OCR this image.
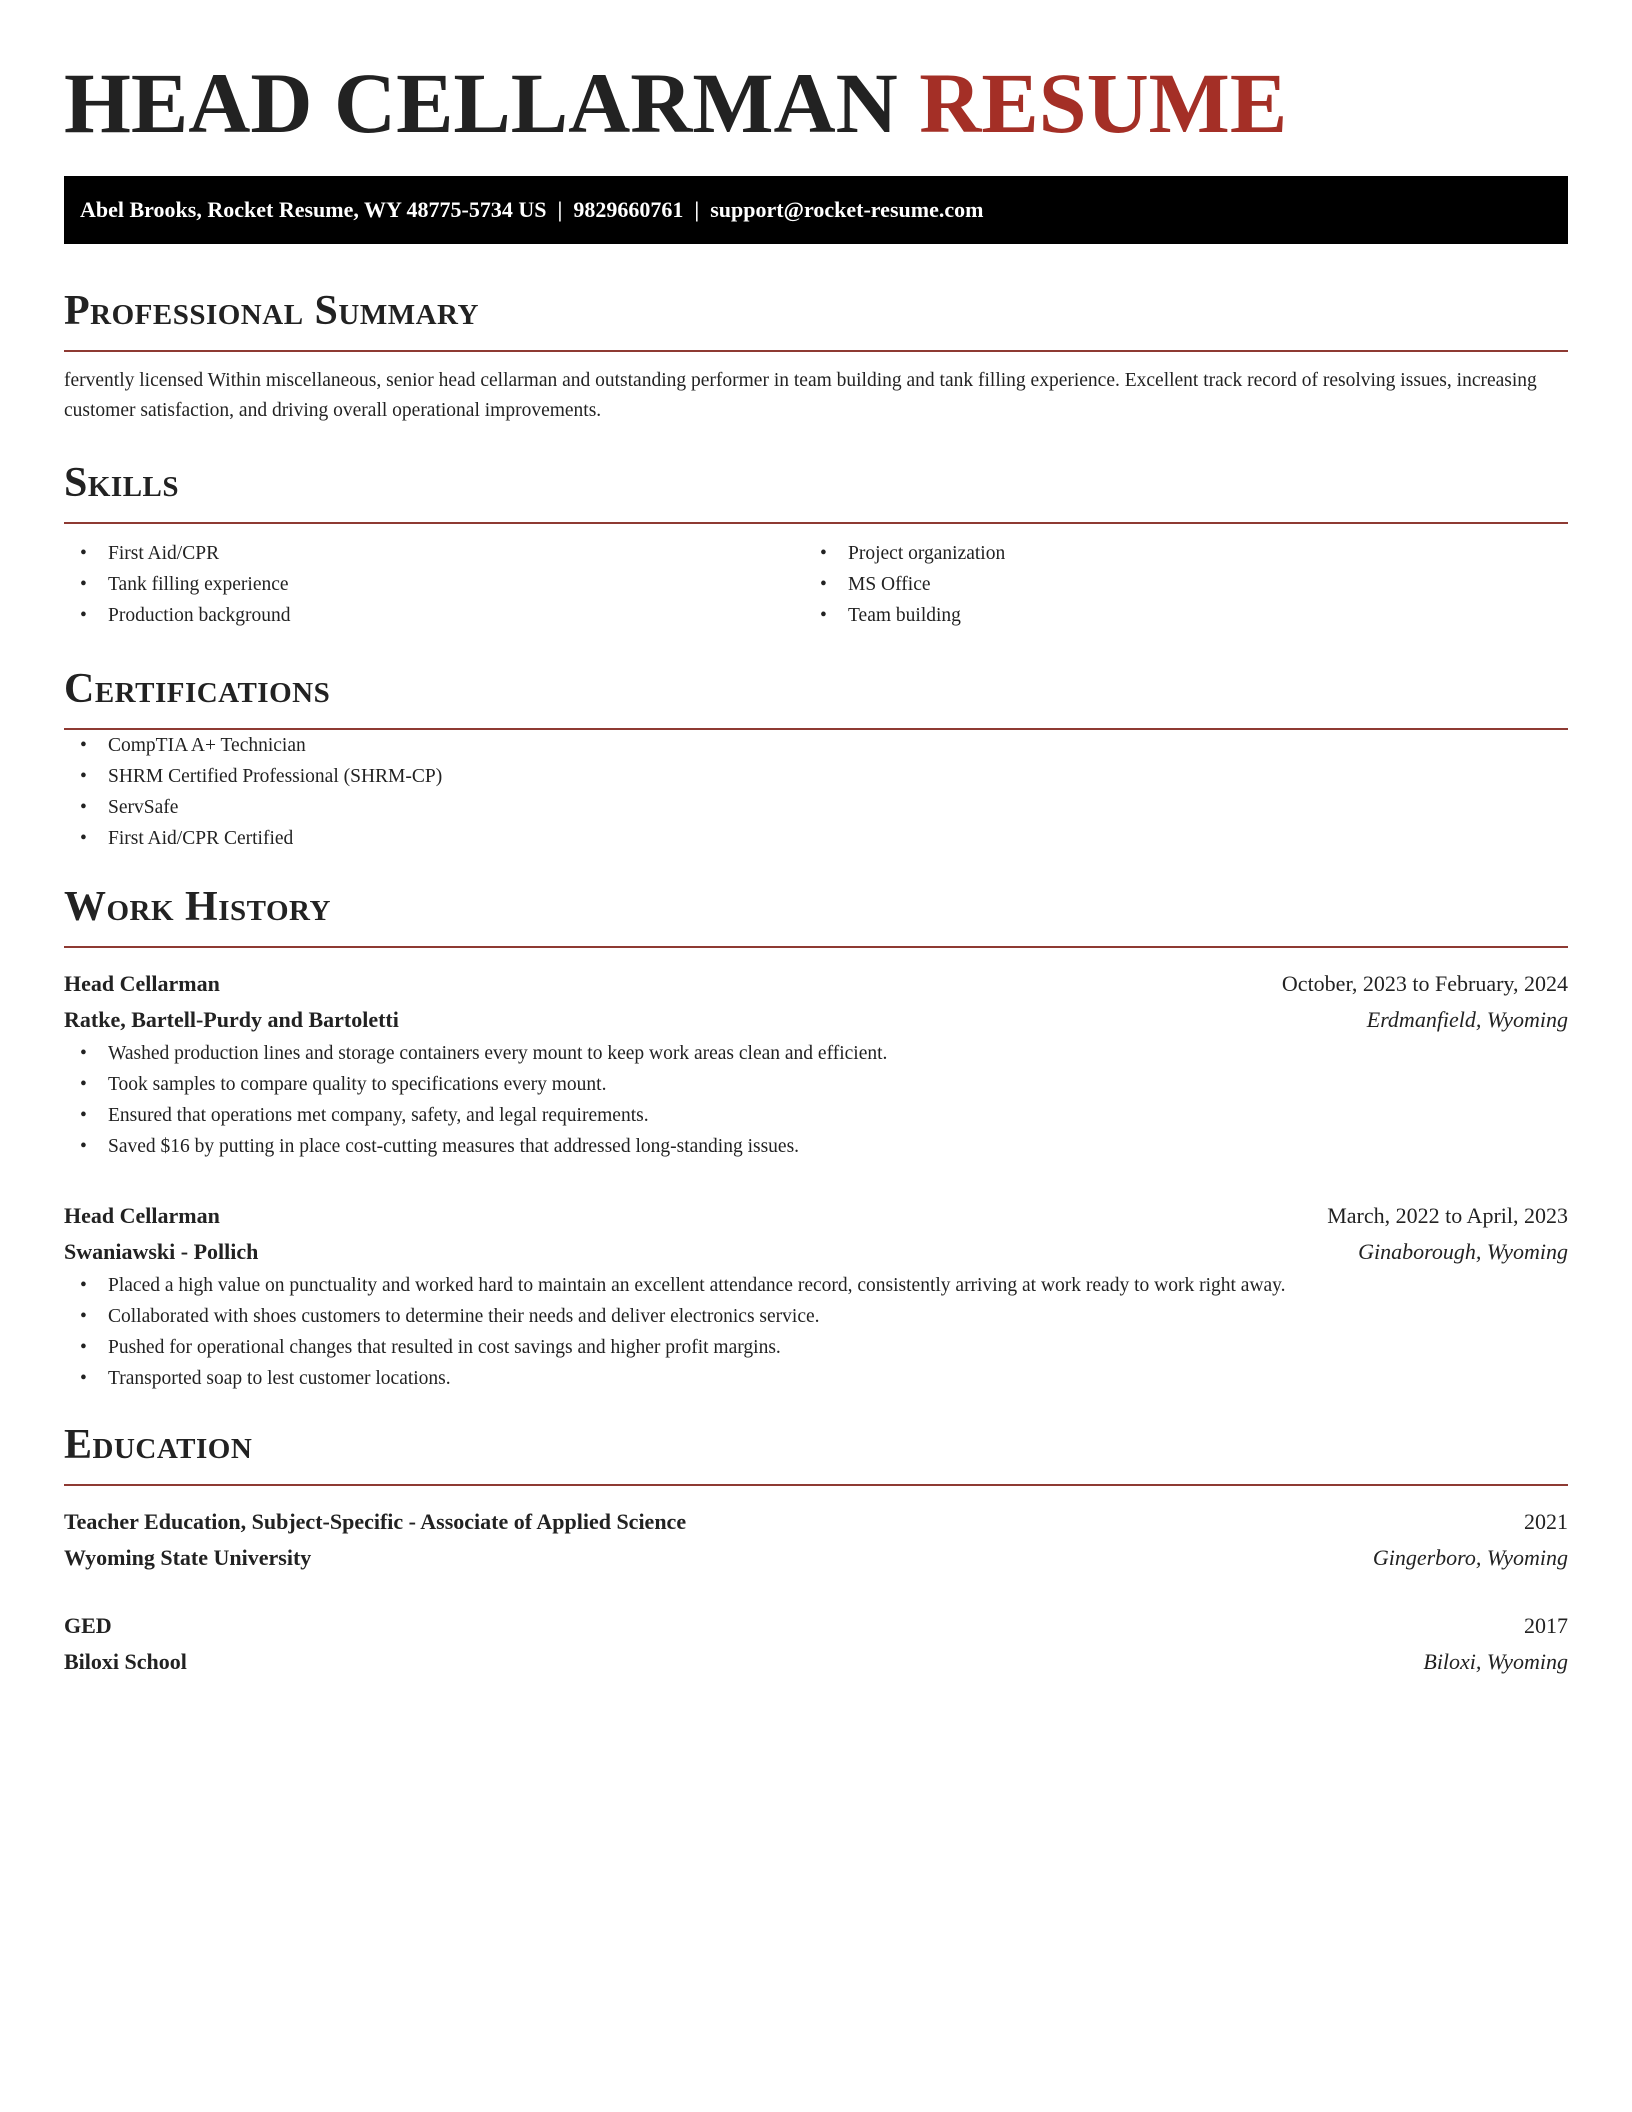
HEAD CELLARMAN RESUME
Abel Brooks, Rocket Resume, WY 48775-5734 US | 9829660761 | support@rocket-resume.com
Professional Summary

fervently licensed Within miscellaneous, senior head cellarman and outstanding performer in team building and tank filling experience. Excellent track record of resolving issues, increasing customer satisfaction, and driving overall operational improvements.

Skills
• First Aid/CPR
• Tank filling experience
• Production background
• Project organization
• MS Office
• Team building
Certifications
• CompTIA A+ Technician
• SHRM Certified Professional (SHRM-CP)
• ServSafe
• First Aid/CPR Certified
Work History
Head Cellarman	October, 2023 to February, 2024
Ratke, Bartell-Purdy and Bartoletti	Erdmanfield, Wyoming
• Washed production lines and storage containers every mount to keep work areas clean and efficient.
• Took samples to compare quality to specifications every mount.
• Ensured that operations met company, safety, and legal requirements.
• Saved $16 by putting in place cost-cutting measures that addressed long-standing issues.
Head Cellarman	March, 2022 to April, 2023
Swaniawski - Pollich	Ginaborough, Wyoming
• Placed a high value on punctuality and worked hard to maintain an excellent attendance record, consistently arriving at work ready to work right away.
• Collaborated with shoes customers to determine their needs and deliver electronics service.
• Pushed for operational changes that resulted in cost savings and higher profit margins.
• Transported soap to lest customer locations.
Education
Teacher Education, Subject-Specific - Associate of Applied Science	2021
Wyoming State University	Gingerboro, Wyoming
GED	2017
Biloxi School	Biloxi, Wyoming
